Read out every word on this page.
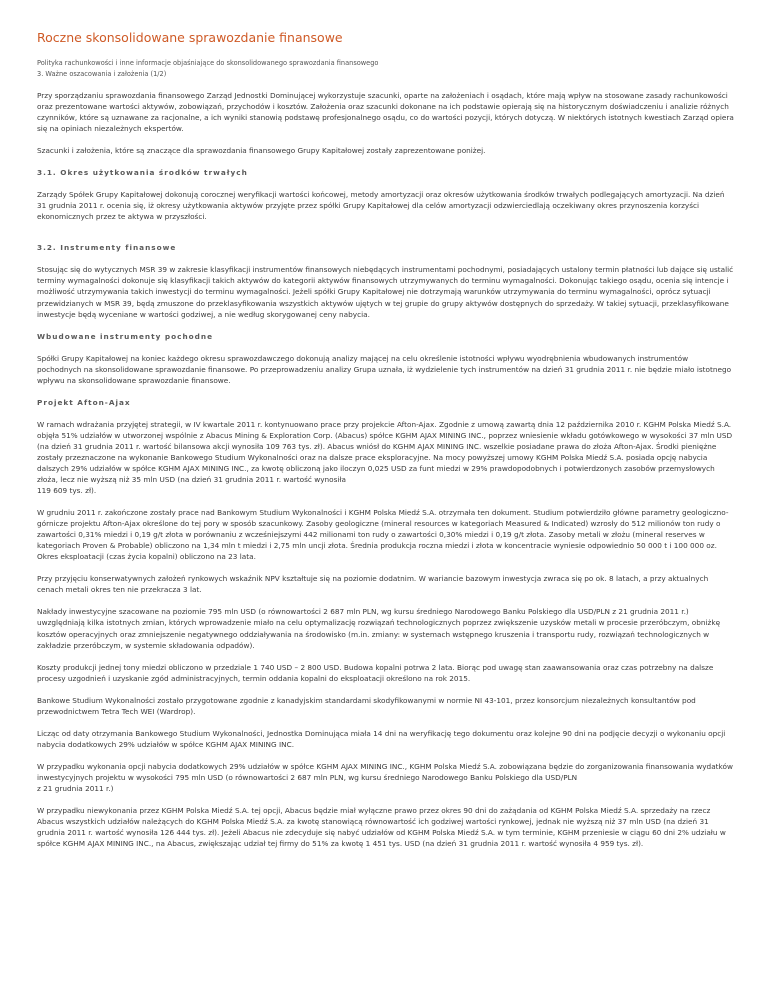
Roczne skonsolidowane sprawozdanie finansowe
Polityka rachunkowości i inne informacje objaśniające do skonsolidowanego sprawozdania finansowego
3. Ważne oszacowania i założenia (1/2)

Przy sporządzaniu sprawozdania finansowego Zarząd Jednostki Dominującej wykorzystuje szacunki, oparte na założeniach i osądach, które mają wpływ na stosowane zasady rachunkowości oraz prezentowane wartości aktywów, zobowiązań, przychodów i kosztów. Założenia oraz szacunki dokonane na ich podstawie opierają się na historycznym doświadczeniu i analizie różnych czynników, które są uznawane za racjonalne, a ich wyniki stanowią podstawę profesjonalnego osądu, co do wartości pozycji, których dotyczą. W niektórych istotnych kwestiach Zarząd opiera się na opiniach niezależnych ekspertów.

Szacunki i założenia, które są znaczące dla sprawozdania finansowego Grupy Kapitałowej zostały zaprezentowane poniżej.

3.1. Okres użytkowania środków trwałych

Zarządy Spółek Grupy Kapitałowej dokonują corocznej weryfikacji wartości końcowej, metody amortyzacji oraz okresów użytkowania środków trwałych podlegających amortyzacji. Na dzień 31 grudnia 2011 r. ocenia się, iż okresy użytkowania aktywów przyjęte przez spółki Grupy Kapitałowej dla celów amortyzacji odzwierciedlają oczekiwany okres przynoszenia korzyści ekonomicznych przez te aktywa w przyszłości.

3.2. Instrumenty finansowe

Stosując się do wytycznych MSR 39 w zakresie klasyfikacji instrumentów finansowych niebędących instrumentami pochodnymi, posiadających ustalony termin płatności lub dające się ustalić terminy wymagalności dokonuje się klasyfikacji takich aktywów do kategorii aktywów finansowych utrzymywanych do terminu wymagalności. Dokonując takiego osądu, ocenia się intencje i możliwość utrzymywania takich inwestycji do terminu wymagalności. Jeżeli spółki Grupy Kapitałowej nie dotrzymają warunków utrzymywania do terminu wymagalności, oprócz sytuacji przewidzianych w MSR 39, będą zmuszone do przeklasyfikowania wszystkich aktywów ujętych w tej grupie do grupy aktywów dostępnych do sprzedaży. W takiej sytuacji, przeklasyfikowane inwestycje będą wyceniane w wartości godziwej, a nie według skorygowanej ceny nabycia.

Wbudowane instrumenty pochodne

Spółki Grupy Kapitałowej na koniec każdego okresu sprawozdawczego dokonują analizy mającej na celu określenie istotności wpływu wyodrębnienia wbudowanych instrumentów pochodnych na skonsolidowane sprawozdanie finansowe. Po przeprowadzeniu analizy Grupa uznała, iż wydzielenie tych instrumentów na dzień 31 grudnia 2011 r. nie będzie miało istotnego wpływu na skonsolidowane sprawozdanie finansowe.

Projekt Afton-Ajax

W ramach wdrażania przyjętej strategii, w IV kwartale 2011 r. kontynuowano prace przy projekcie Afton-Ajax. Zgodnie z umową zawartą dnia 12 października 2010 r. KGHM Polska Miedź S.A. objęła 51% udziałów w utworzonej wspólnie z Abacus Mining & Exploration Corp. (Abacus) spółce KGHM AJAX MINING INC., poprzez wniesienie wkładu gotówkowego w wysokości 37 mln USD (na dzień 31 grudnia 2011 r. wartość bilansowa akcji wynosiła 109 763 tys. zł). Abacus wniósł do KGHM AJAX MINING INC. wszelkie posiadane prawa do złoża Afton-Ajax. Środki pieniężne zostały przeznaczone na wykonanie Bankowego Studium Wykonalności oraz na dalsze prace eksploracyjne. Na mocy powyższej umowy KGHM Polska Miedź S.A. posiada opcję nabycia dalszych 29% udziałów w spółce KGHM AJAX MINING INC., za kwotę obliczoną jako iloczyn 0,025 USD za funt miedzi w 29% prawdopodobnych i potwierdzonych zasobów przemysłowych złoża, lecz nie wyższą niż 35 mln USD (na dzień 31 grudnia 2011 r. wartość wynosiła
119 609 tys. zł).

W grudniu 2011 r. zakończone zostały prace nad Bankowym Studium Wykonalności i KGHM Polska Miedź S.A. otrzymała ten dokument. Studium potwierdziło główne parametry geologiczno-górnicze projektu Afton-Ajax określone do tej pory w sposób szacunkowy. Zasoby geologiczne (mineral resources w kategoriach Measured & Indicated) wzrosły do 512 milionów ton rudy o zawartości 0,31% miedzi i 0,19 g/t złota w porównaniu z wcześniejszymi 442 milionami ton rudy o zawartości 0,30% miedzi i 0,19 g/t złota. Zasoby metali w złożu (mineral reserves w kategoriach Proven & Probable) obliczono na 1,34 mln t miedzi i 2,75 mln uncji złota. Średnia produkcja roczna miedzi i złota w koncentracie wyniesie odpowiednio 50 000 t i 100 000 oz. Okres eksploatacji (czas życia kopalni) obliczono na 23 lata.

Przy przyjęciu konserwatywnych założeń rynkowych wskaźnik NPV kształtuje się na poziomie dodatnim. W wariancie bazowym inwestycja zwraca się po ok. 8 latach, a przy aktualnych cenach metali okres ten nie przekracza 3 lat.

Nakłady inwestycyjne szacowane na poziomie 795 mln USD (o równowartości 2 687 mln PLN, wg kursu średniego Narodowego Banku Polskiego dla USD/PLN z 21 grudnia 2011 r.) uwzględniają kilka istotnych zmian, których wprowadzenie miało na celu optymalizację rozwiązań technologicznych poprzez zwiększenie uzysków metali w procesie przeróbczym, obniżkę kosztów operacyjnych oraz zmniejszenie negatywnego oddziaływania na środowisko (m.in. zmiany: w systemach wstępnego kruszenia i transportu rudy, rozwiązań technologicznych w zakładzie przeróbczym, w systemie składowania odpadów).

Koszty produkcji jednej tony miedzi obliczono w przedziale 1 740 USD – 2 800 USD. Budowa kopalni potrwa 2 lata. Biorąc pod uwagę stan zaawansowania oraz czas potrzebny na dalsze procesy uzgodnień i uzyskanie zgód administracyjnych, termin oddania kopalni do eksploatacji określono na rok 2015.

Bankowe Studium Wykonalności zostało przygotowane zgodnie z kanadyjskim standardami skodyfikowanymi w normie NI 43-101, przez konsorcjum niezależnych konsultantów pod przewodnictwem Tetra Tech WEI (Wardrop).

Licząc od daty otrzymania Bankowego Studium Wykonalności, Jednostka Dominująca miała 14 dni na weryfikację tego dokumentu oraz kolejne 90 dni na podjęcie decyzji o wykonaniu opcji nabycia dodatkowych 29% udziałów w spółce KGHM AJAX MINING INC.

W przypadku wykonania opcji nabycia dodatkowych 29% udziałów w spółce KGHM AJAX MINING INC., KGHM Polska Miedź S.A. zobowiązana będzie do zorganizowania finansowania wydatków inwestycyjnych projektu w wysokości 795 mln USD (o równowartości 2 687 mln PLN, wg kursu średniego Narodowego Banku Polskiego dla USD/PLN
z 21 grudnia 2011 r.)

W przypadku niewykonania przez KGHM Polska Miedź S.A. tej opcji, Abacus będzie miał wyłączne prawo przez okres 90 dni do zażądania od KGHM Polska Miedź S.A. sprzedaży na rzecz Abacus wszystkich udziałów należących do KGHM Polska Miedź S.A. za kwotę stanowiącą równowartość ich godziwej wartości rynkowej, jednak nie wyższą niż 37 mln USD (na dzień 31 grudnia 2011 r. wartość wynosiła 126 444 tys. zł). Jeżeli Abacus nie zdecyduje się nabyć udziałów od KGHM Polska Miedź S.A. w tym terminie, KGHM przeniesie w ciągu 60 dni 2% udziału w spółce KGHM AJAX MINING INC., na Abacus, zwiększając udział tej firmy do 51% za kwotę 1 451 tys. USD (na dzień 31 grudnia 2011 r. wartość wynosiła 4 959 tys. zł).
